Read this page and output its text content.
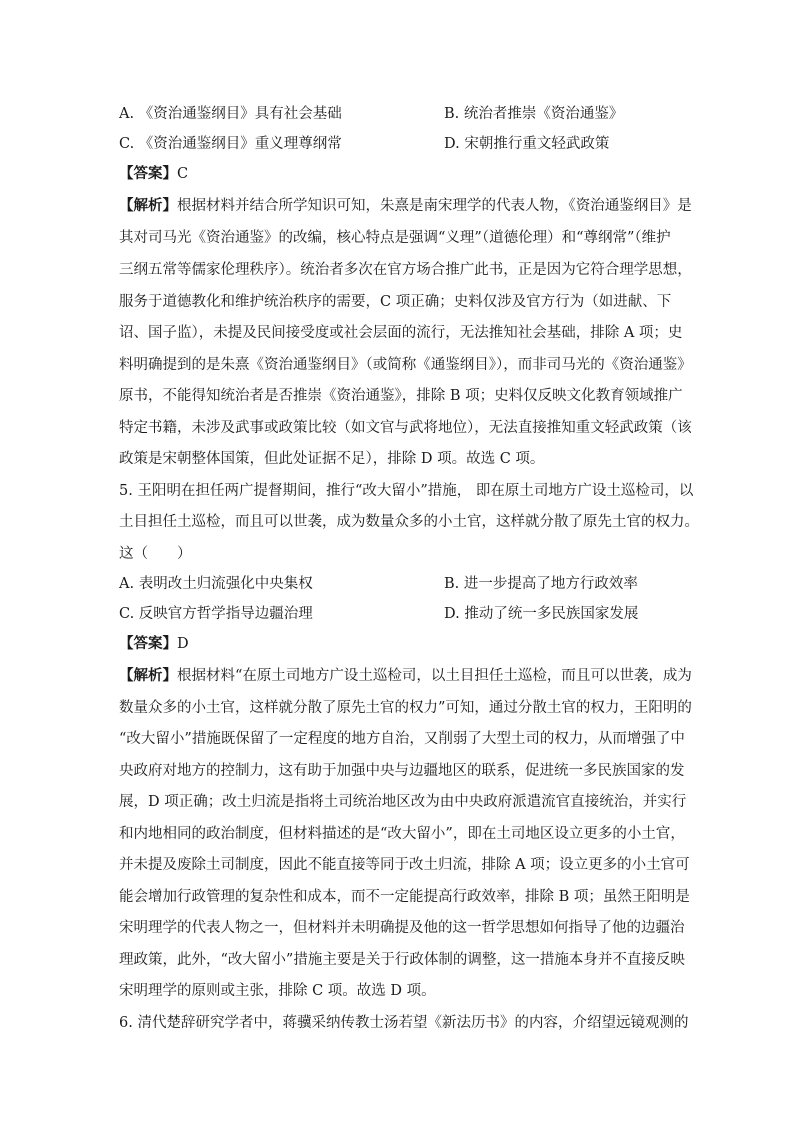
A. 《资治通鉴纲目》具有社会基础	B. 统治者推崇《资治通鉴》
C. 《资治通鉴纲目》重义理尊纲常	D. 宋朝推行重文轻武政策
【答案】C
【解析】根据材料并结合所学知识可知，朱熹是南宋理学的代表人物，《资治通鉴纲目》是
其对司马光《资治通鉴》的改编，核心特点是强调“义理”（道德伦理）和“尊纲常”（维护
三纲五常等儒家伦理秩序）。统治者多次在官方场合推广此书，正是因为它符合理学思想，
服务于道德教化和维护统治秩序的需要，C 项正确；史料仅涉及官方行为（如进献、下
诏、国子监），未提及民间接受度或社会层面的流行，无法推知社会基础，排除 A 项；史
料明确提到的是朱熹《资治通鉴纲目》（或简称《通鉴纲目》），而非司马光的《资治通鉴》
原书，不能得知统治者是否推崇《资治通鉴》，排除 B 项；史料仅反映文化教育领域推广
特定书籍，未涉及武事或政策比较（如文官与武将地位），无法直接推知重文轻武政策（该
政策是宋朝整体国策，但此处证据不足），排除 D 项。故选 C 项。
5. 王阳明在担任两广提督期间，推行“改大留小”措施， 即在原土司地方广设土巡检司，以
土目担任土巡检，而且可以世袭，成为数量众多的小土官，这样就分散了原先土官的权力。
这（　　）
A. 表明改土归流强化中央集权	B. 进一步提高了地方行政效率
C. 反映官方哲学指导边疆治理	D. 推动了统一多民族国家发展
【答案】D
【解析】根据材料“在原土司地方广设土巡检司，以土目担任土巡检，而且可以世袭，成为
数量众多的小土官，这样就分散了原先土官的权力”可知，通过分散土官的权力，王阳明的
“改大留小”措施既保留了一定程度的地方自治，又削弱了大型土司的权力，从而增强了中
央政府对地方的控制力，这有助于加强中央与边疆地区的联系，促进统一多民族国家的发
展，D 项正确；改土归流是指将土司统治地区改为由中央政府派遣流官直接统治，并实行
和内地相同的政治制度，但材料描述的是“改大留小”，即在土司地区设立更多的小土官，
并未提及废除土司制度，因此不能直接等同于改土归流，排除 A 项；设立更多的小土官可
能会增加行政管理的复杂性和成本，而不一定能提高行政效率，排除 B 项；虽然王阳明是
宋明理学的代表人物之一，但材料并未明确提及他的这一哲学思想如何指导了他的边疆治
理政策，此外，“改大留小”措施主要是关于行政体制的调整，这一措施本身并不直接反映
宋明理学的原则或主张，排除 C 项。故选 D 项。
6. 清代楚辞研究学者中，蒋骥采纳传教士汤若望《新法历书》的内容，介绍望远镜观测的
